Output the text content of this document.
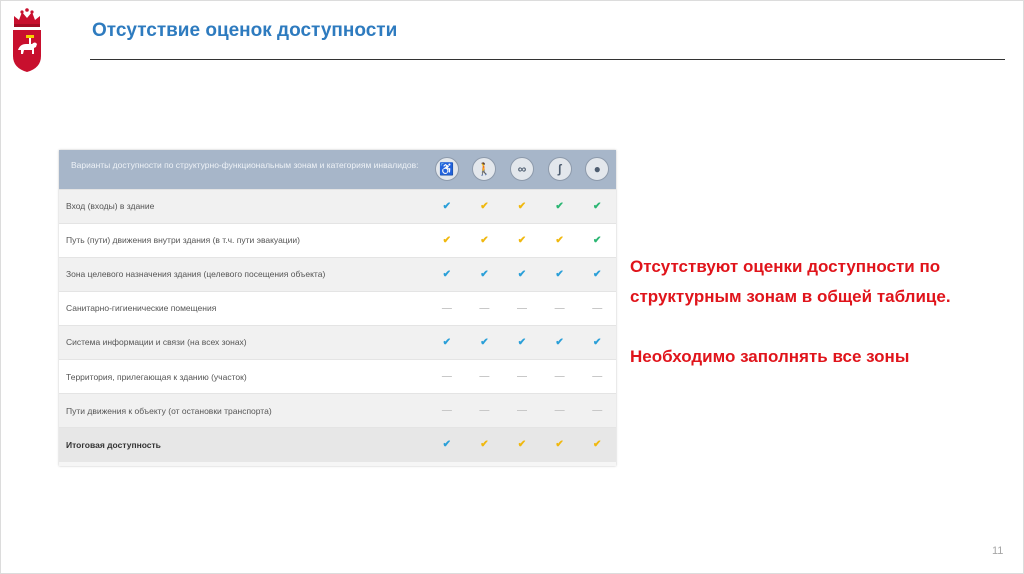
Отсутствие оценок доступности
Варианты доступности по структурно-функциональным зонам и категориям инвалидов:	♿	🚶	∞	ʃ	●
Вход (входы) в здание	✔	✔	✔	✔	✔
Путь (пути) движения внутри здания (в т.ч. пути эвакуации)	✔	✔	✔	✔	✔
Зона целевого назначения здания (целевого посещения объекта)	✔	✔	✔	✔	✔
Санитарно-гигиенические помещения	—	—	—	—	—
Система информации и связи (на всех зонах)	✔	✔	✔	✔	✔
Территория, прилегающая к зданию (участок)	—	—	—	—	—
Пути движения к объекту (от остановки транспорта)	—	—	—	—	—
Итоговая доступность	✔	✔	✔	✔	✔

Отсутствуют оценки доступности по структурным зонам в общей таблице.

Необходимо заполнять все зоны

11
